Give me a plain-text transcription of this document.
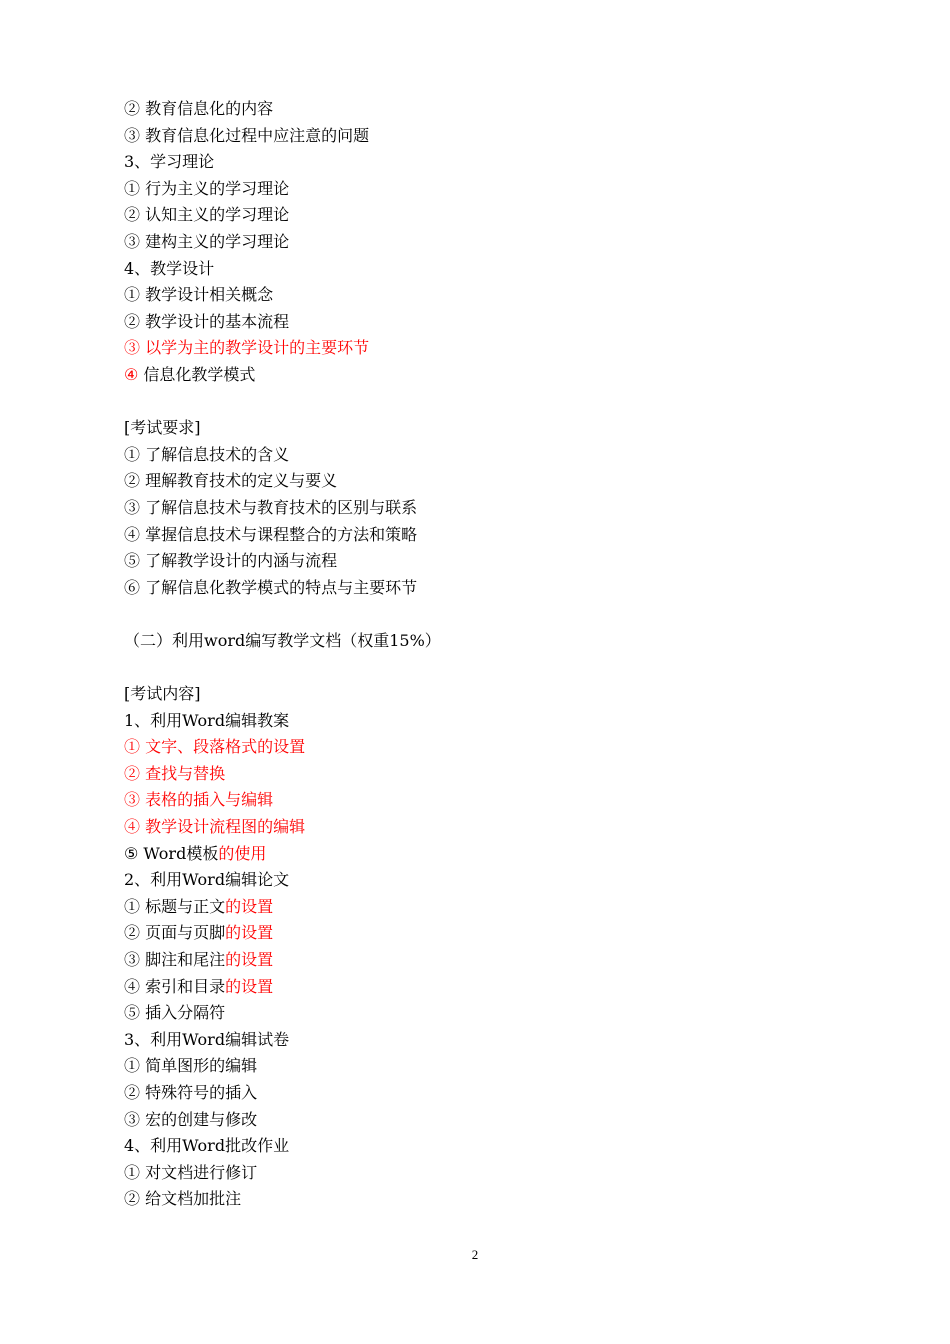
② 教育信息化的内容
③ 教育信息化过程中应注意的问题
3、学习理论
① 行为主义的学习理论
② 认知主义的学习理论
③ 建构主义的学习理论
4、教学设计
① 教学设计相关概念
② 教学设计的基本流程
③ 以学为主的教学设计的主要环节
④ 信息化教学模式
[考试要求]
① 了解信息技术的含义
② 理解教育技术的定义与要义
③ 了解信息技术与教育技术的区别与联系
④ 掌握信息技术与课程整合的方法和策略
⑤ 了解教学设计的内涵与流程
⑥ 了解信息化教学模式的特点与主要环节
（二）利用word编写教学文档（权重15%）
[考试内容]
1、利用Word编辑教案
① 文字、段落格式的设置
② 查找与替换
③ 表格的插入与编辑
④ 教学设计流程图的编辑
⑤ Word模板的使用
2、利用Word编辑论文
① 标题与正文的设置
② 页面与页脚的设置
③ 脚注和尾注的设置
④ 索引和目录的设置
⑤ 插入分隔符
3、利用Word编辑试卷
① 简单图形的编辑
② 特殊符号的插入
③ 宏的创建与修改
4、利用Word批改作业
① 对文档进行修订
② 给文档加批注
2
